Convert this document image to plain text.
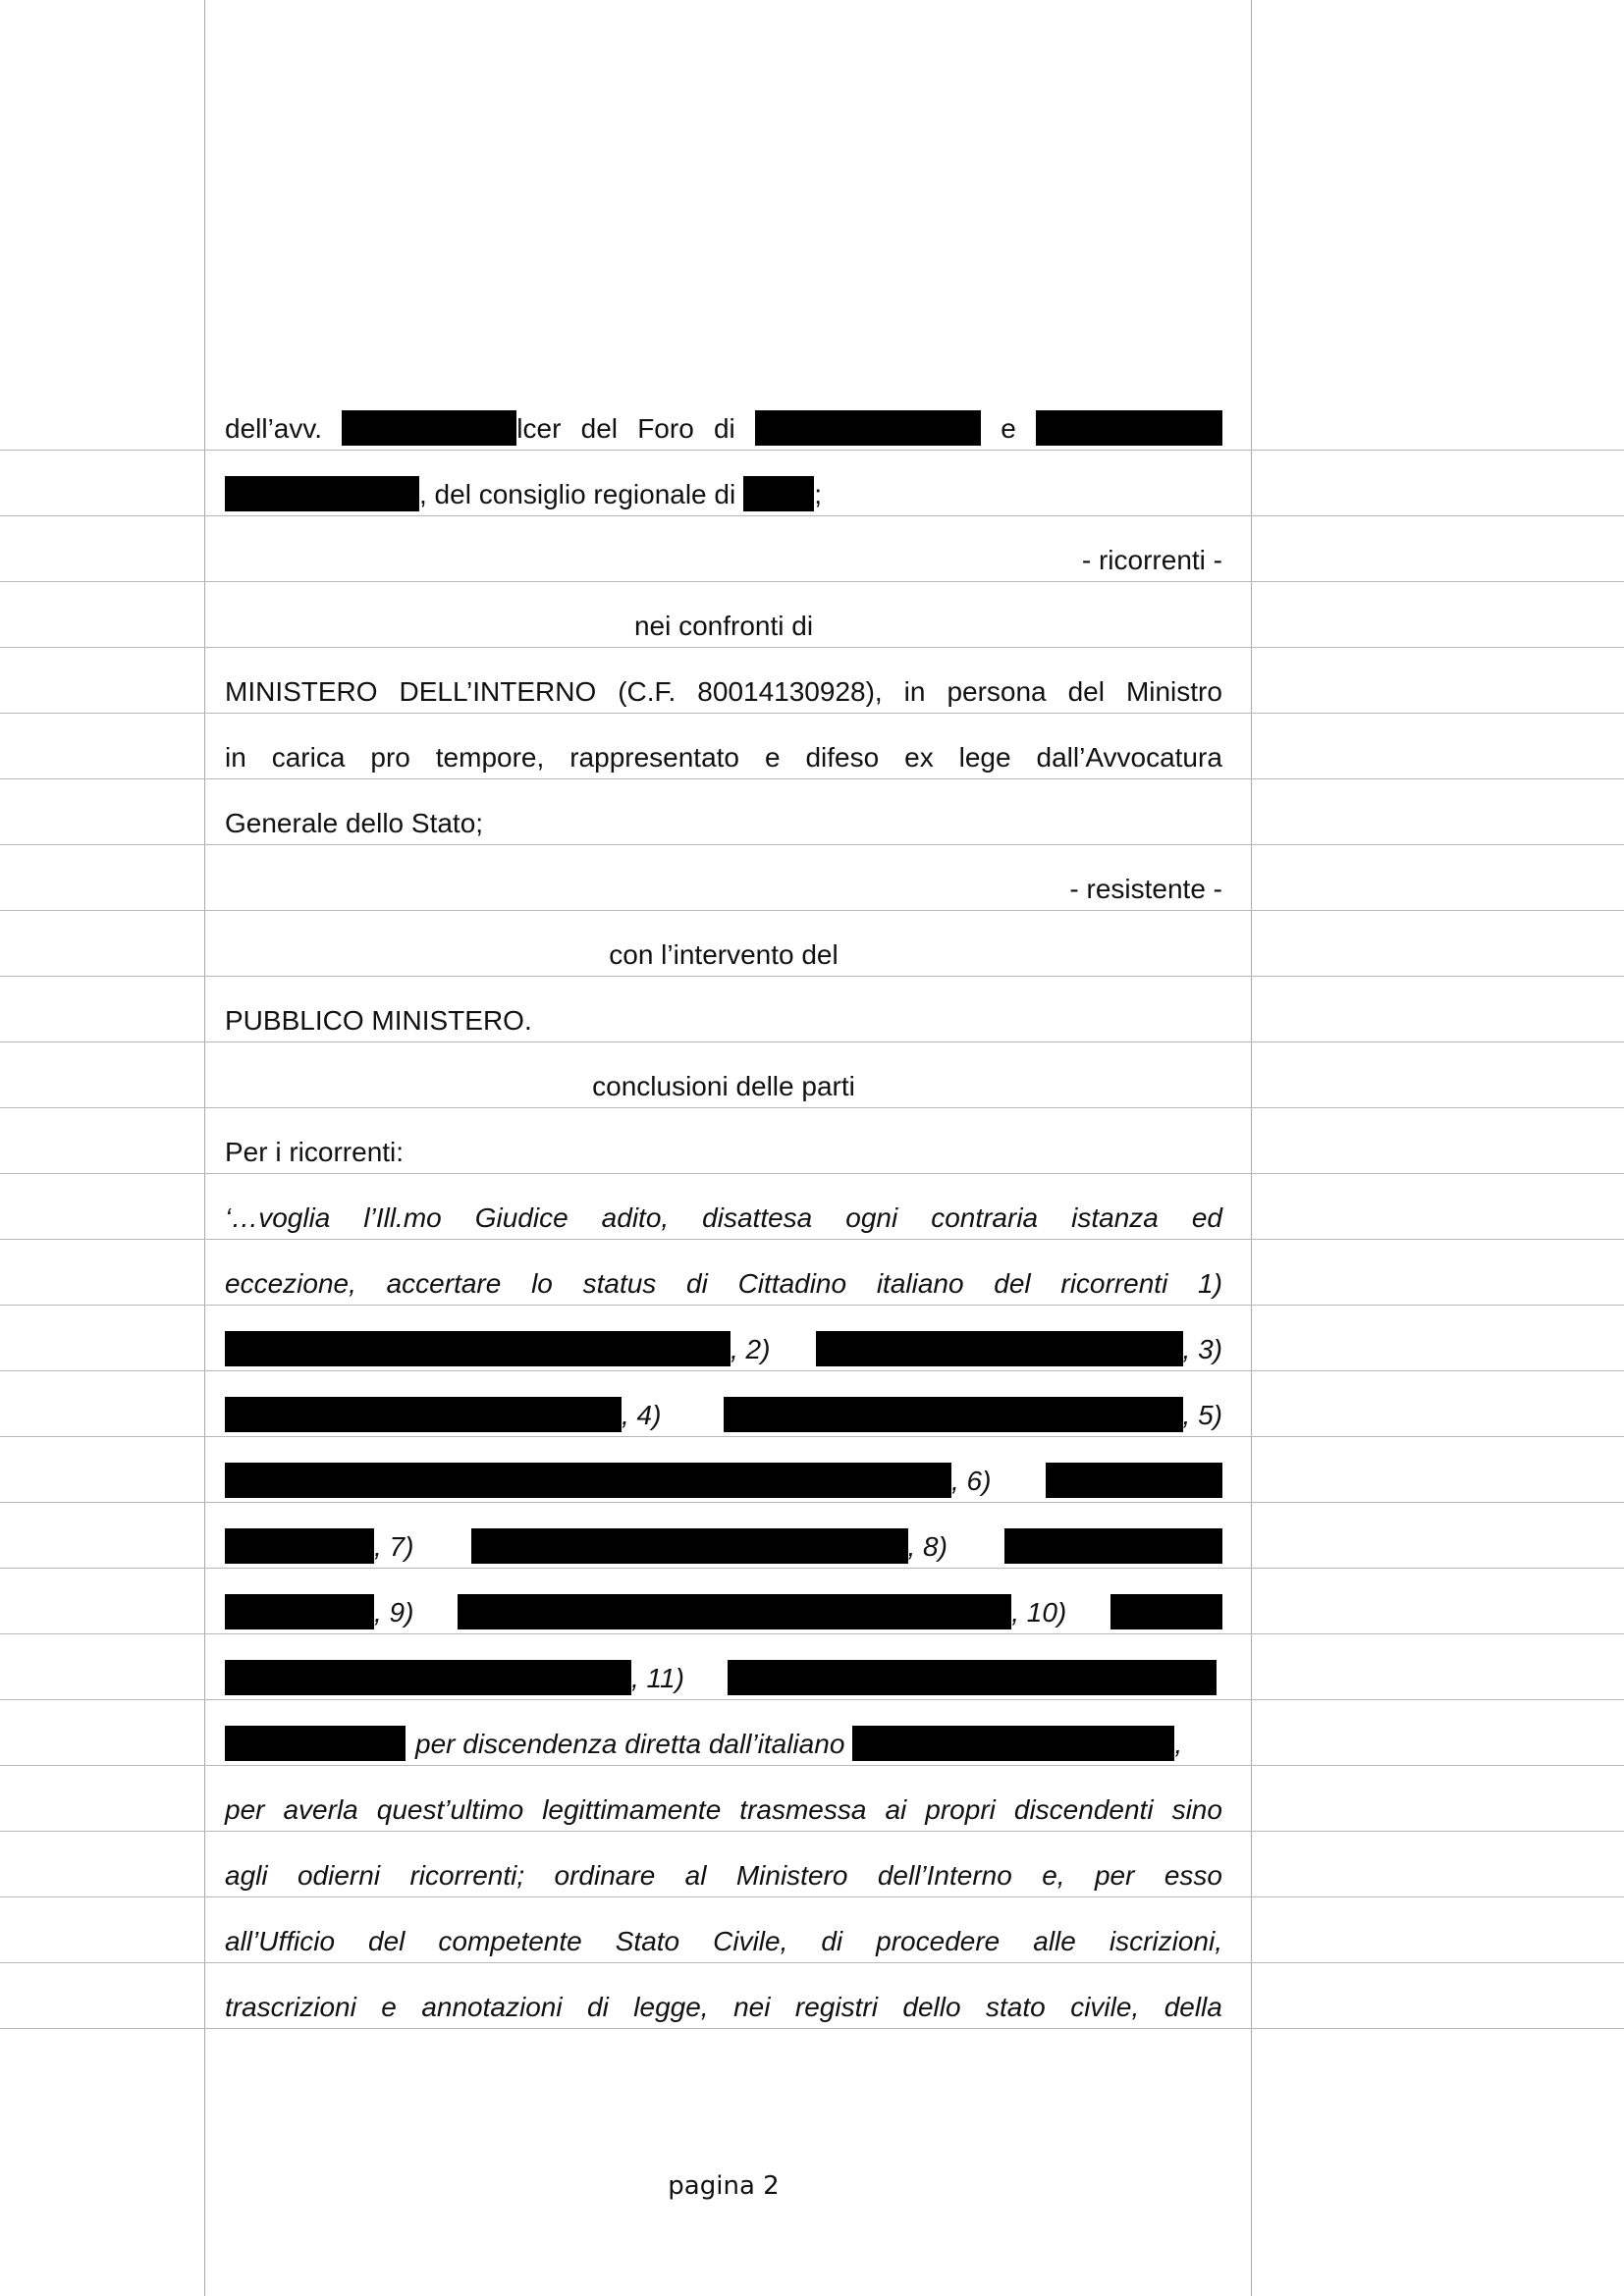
dell’avv.	lcer del Foro di	e
, del consiglio regionale di	;
- ricorrenti -
nei confronti di
MINISTERO DELL’INTERNO (C.F. 80014130928), in persona del Ministro
in carica pro tempore, rappresentato e difeso ex lege dall’Avvocatura
Generale dello Stato;
- resistente -
con l’intervento del
PUBBLICO MINISTERO.
conclusioni delle parti
Per i ricorrenti:
‘…voglia l’Ill.mo Giudice adito, disattesa ogni contraria istanza ed
eccezione, accertare lo status di Cittadino italiano del ricorrenti 1)
, 2)	, 3)
, 4)	, 5)
, 6)
, 7)	, 8)
, 9)	, 10)
, 11)
per discendenza diretta dall’italiano	,
per averla quest’ultimo legittimamente trasmessa ai propri discendenti sino
agli odierni ricorrenti; ordinare al Ministero dell’Interno e, per esso
all’Ufficio del competente Stato Civile, di procedere alle iscrizioni,
trascrizioni e annotazioni di legge, nei registri dello stato civile, della
pagina 2
